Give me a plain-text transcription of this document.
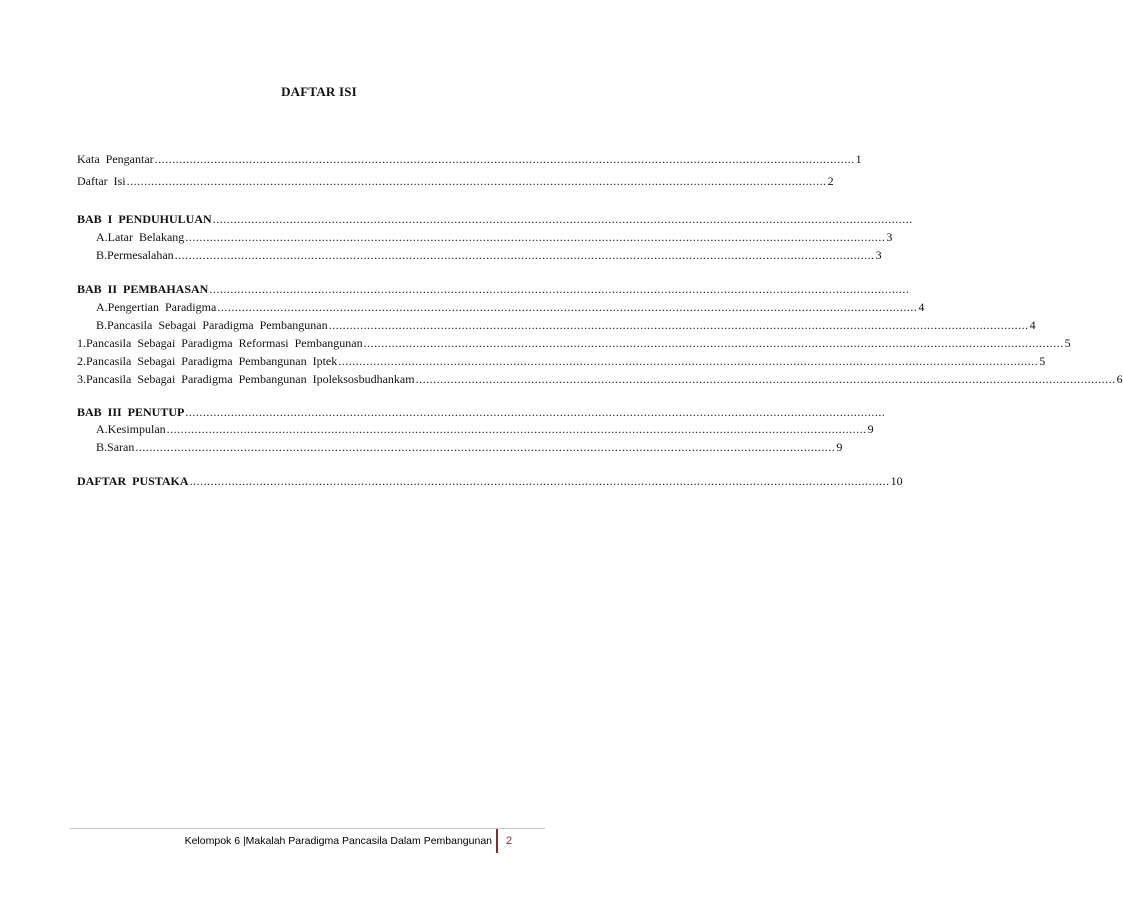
DAFTAR ISI
Kata Pengantar ........................................................................................................................................................................................................ 1
Daftar Isi ........................................................................................................................................................................................................ 2
BAB I PENDUHULUAN ........................................................................................................................................................................................................
A. Latar Belakang ........................................................................................................................................................................................................ 3
B. Permesalahan ........................................................................................................................................................................................................ 3
BAB II PEMBAHASAN ........................................................................................................................................................................................................
A. Pengertian Paradigma ........................................................................................................................................................................................................ 4
B. Pancasila Sebagai Paradigma Pembangunan ........................................................................................................................................................................................................ 4
1. Pancasila Sebagai Paradigma Reformasi Pembangunan ........................................................................................................................................................................................................ 5
2. Pancasila Sebagai Paradigma Pembangunan Iptek ........................................................................................................................................................................................................ 5
3. Pancasila Sebagai Paradigma Pembangunan Ipoleksosbudhankam ........................................................................................................................................................................................................ 6
BAB III PENUTUP ........................................................................................................................................................................................................
A. Kesimpulan ........................................................................................................................................................................................................ 9
B. Saran ........................................................................................................................................................................................................ 9
DAFTAR PUSTAKA ........................................................................................................................................................................................................ 10
Kelompok 6 |Makalah Paradigma Pancasila Dalam Pembangunan	2
